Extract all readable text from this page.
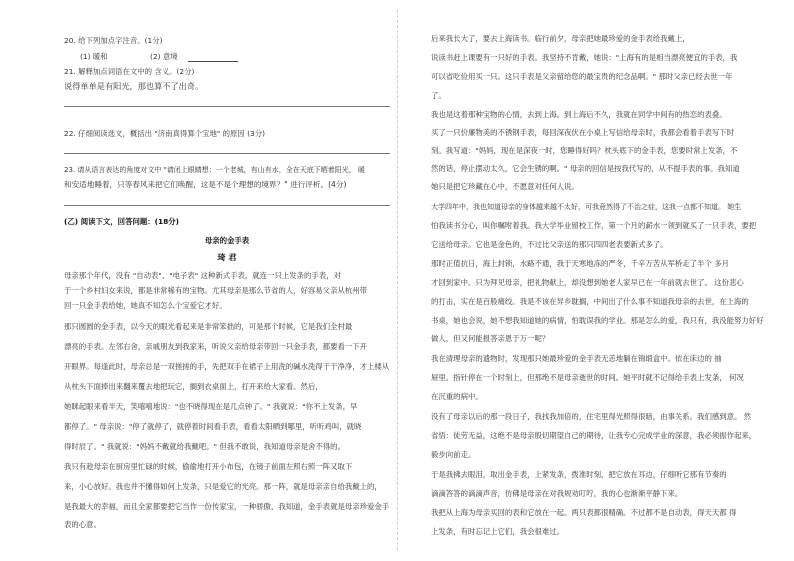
20. 给下列加点字注音。(1分)
(1) 暖和	(2) 意境
21. 解释加点词语在文中的 含义。(2分)
说得单单是有阳光，那也算不了出奇。
22. 仔细阅读选文，概括出 "济南真得算个宝地" 的原因 (3分)
23. 请从语言表达的角度对文中 "请闭上眼睛想：一个老城，有山有水，全在天底下晒着阳光， 暖
和安适地睡着，只等春风来把它们唤醒，这是不是个理想的境界？" 进行评析。(4分)
(乙) 阅读下文，回答问题：(18分)
母亲的金手表
琦 君
母亲那个年代，没有 "自动表"、"电子表" 这种新式手表，就连一只上发条的手表，对
于一个乡村妇女来说，都是非常稀有的宝物。尤其母亲是那么节省的人，好容易父亲从杭州带
回一只金手表给她，她真不知怎么个宝爱它才好。
那只圆圆的金手表，以今天的眼光看起来是非常笨拙的，可是那个时候，它是我们全村最
漂亮的手表。左邻右舍，亲戚朋友到我家来，听说父亲给母亲带回一只金手表，都要看一下开
开眼界。每逢此时，母亲总是一双搓搓的手，先把双手在裙子上用洗的碱水洗得干干净净，才上楼从
从枕头下面捧出来翻来覆去地把玩它，搁到衣桌面上，打开来给大家看。然后，
她眯起眼来看半天，笑嘻嘻地说："也不晓得现在是几点钟了。" 我就说："你不上发条，早
都停了。" 母亲说："停了就停了，就停着时间看手表，看看太阳晒到哪里，听听鸡叫，就晓
得时辰了。" 我就说："妈妈不戴就给我戴吧。" 但我不敢说，我知道母亲是舍不得的。
我只有趁母亲在厨房里忙碌的时候，偷偷地打开小布包，在镜子前面左照右照一阵又取下
来，小心放好。我也并不懂得如何上发条，只是爱它的光亮。那一阵，就是母亲亲自给我戴上的，
是我最大的幸福，而且全家都要把它当作一份传家宝，一种骄傲，我知道，金手表就是母亲珍爱金手
表的心意。
后来我长大了，要去上海读书。临行前夕，母亲把她最珍爱的金手表给我戴上，
说读书赶上课要有一只好的手表。我坚持不肯戴，她说："上海有的是相当漂亮便宜的手表，我
可以省吃俭用买一只。这只手表是父亲留给您的最宝贵的纪念品啊。" 那时父亲已经去世一年
了。
我也是这着那种宝物的心情，去到上海。到上海后不久，我就在同学中间有的热恋的表叠。
买了一只价廉物美的不锈钢手表，每回深夜伏在小桌上写信给母亲时，我都会看着手表写下时
刻。我写道："妈妈，现在是深夜一时，您睡得好吗？枕头底下的金手表，您要时常上发条，不
然的话，停止摆动太久，它会生锈的啊。" 母亲的回信是按我代写的，从不提手表的事。我知道
她只是把它珍藏在心中，不愿意对任何人说。
大学四年中，我也知道母亲的身体越来越不太好，可我竟然得了不治之症，这我一点都不知道。 她生
怕我读书分心，叫你嘱咐着我。我大学毕业留校工作，第一个月的薪水一领到就买了一只手表，要把
它送给母亲。它也是金色的，不过比父亲送的那只四四老表要新式多了。
那时正值抗日，海上封锁，水路不通，我于天寒地冻的严冬，千辛万苦从军桥走了半个 多月
才回到家中。只为拜见母亲，把礼物献上，却没想到她老人家早已在一年前就去世了。 这份悲心
的打击，实在是百般痛绞。我是不该在异乡耽搁，中间出了什么事不知道我母亲的去世，在上海的
书桌，她也会说，她不想我知道她的病情，怕耽误我的学业。那是怎么的爱，我只有，我没能努力好好
做人，但又何能报答亲恩于万一呢？
我在清理母亲的遗物时，发现那只她最珍爱的金手表无恙地躺在锦缎盒中。依在床边的 抽
屉里。指针停在一个时刻上，但那绝不是母亲逝世的时间。她平时就不记得给手表上发条， 何况
在沉重的病中。
没有了母亲以后的那一段日子，我找我加倍的，住宅里得光照得很暗，由事关系。我们感到意。 然
省悟：徒劳无益，这绝不是母亲殷切期望自己的期待，让我专心完成学业的深意，我必须振作起来，
毅步向前走。
于是我拂去眼泪，取出金手表，上紧发条，拨准时刻，把它放在耳边，仔细听它那有节奏的
滴滴答答的滴滴声音，仿佛是母亲在对我规劝叮咛，我的心也渐渐平静下来。
我把从上海为母亲买回的表和它放在一起。两只表都很精确。不过都不是自动表，得天天都 得
上发条，有时忘记上它们，我会很难过。
